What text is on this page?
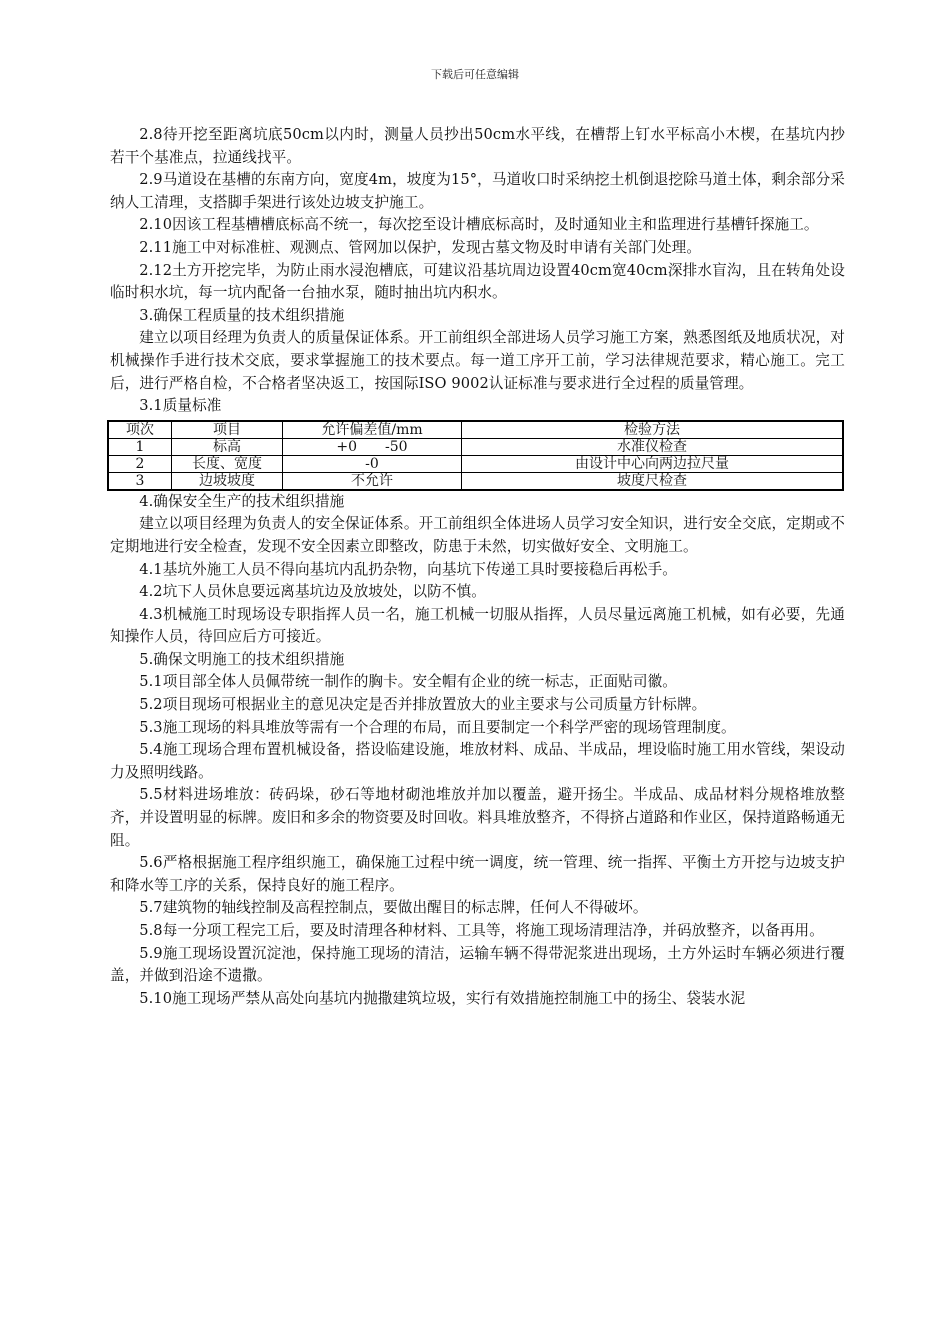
下载后可任意编辑

2.8待开挖至距离坑底50cm以内时，测量人员抄出50cm水平线，在槽帮上钉水平标高小木楔，在基坑内抄若干个基准点，拉通线找平。

2.9马道设在基槽的东南方向，宽度4m，坡度为15°，马道收口时采纳挖土机倒退挖除马道土体，剩余部分采纳人工清理，支搭脚手架进行该处边坡支护施工。

2.10因该工程基槽槽底标高不统一，每次挖至设计槽底标高时，及时通知业主和监理进行基槽钎探施工。

2.11施工中对标准桩、观测点、管网加以保护，发现古墓文物及时申请有关部门处理。

2.12土方开挖完毕，为防止雨水浸泡槽底，可建议沿基坑周边设置40cm宽40cm深排水盲沟，且在转角处设临时积水坑，每一坑内配备一台抽水泵，随时抽出坑内积水。

3.确保工程质量的技术组织措施

建立以项目经理为负责人的质量保证体系。开工前组织全部进场人员学习施工方案，熟悉图纸及地质状况，对机械操作手进行技术交底，要求掌握施工的技术要点。每一道工序开工前，学习法律规范要求，精心施工。完工后，进行严格自检，不合格者坚决返工，按国际ISO 9002认证标准与要求进行全过程的质量管理。

3.1质量标准

项次	项目	允许偏差值/mm	检验方法
1	标高	+0　　-50	水准仪检查
2	长度、宽度	-0	由设计中心向两边拉尺量
3	边坡坡度	不允许	坡度尺检查

4.确保安全生产的技术组织措施

建立以项目经理为负责人的安全保证体系。开工前组织全体进场人员学习安全知识，进行安全交底，定期或不定期地进行安全检查，发现不安全因素立即整改，防患于未然，切实做好安全、文明施工。

4.1基坑外施工人员不得向基坑内乱扔杂物，向基坑下传递工具时要接稳后再松手。

4.2坑下人员休息要远离基坑边及放坡处，以防不慎。

4.3机械施工时现场设专职指挥人员一名，施工机械一切服从指挥，人员尽量远离施工机械，如有必要，先通知操作人员，待回应后方可接近。

5.确保文明施工的技术组织措施

5.1项目部全体人员佩带统一制作的胸卡。安全帽有企业的统一标志，正面贴司徽。

5.2项目现场可根据业主的意见决定是否并排放置放大的业主要求与公司质量方针标牌。

5.3施工现场的料具堆放等需有一个合理的布局，而且要制定一个科学严密的现场管理制度。

5.4施工现场合理布置机械设备，搭设临建设施，堆放材料、成品、半成品，埋设临时施工用水管线，架设动力及照明线路。

5.5材料进场堆放：砖码垛，砂石等地材砌池堆放并加以覆盖，避开扬尘。半成品、成品材料分规格堆放整齐，并设置明显的标牌。废旧和多余的物资要及时回收。料具堆放整齐，不得挤占道路和作业区，保持道路畅通无阻。

5.6严格根据施工程序组织施工，确保施工过程中统一调度，统一管理、统一指挥、平衡土方开挖与边坡支护和降水等工序的关系，保持良好的施工程序。

5.7建筑物的轴线控制及高程控制点，要做出醒目的标志牌，任何人不得破坏。

5.8每一分项工程完工后，要及时清理各种材料、工具等，将施工现场清理洁净，并码放整齐，以备再用。

5.9施工现场设置沉淀池，保持施工现场的清洁，运输车辆不得带泥浆进出现场，土方外运时车辆必须进行覆盖，并做到沿途不遗撒。

5.10施工现场严禁从高处向基坑内抛撒建筑垃圾，实行有效措施控制施工中的扬尘、袋装水泥
